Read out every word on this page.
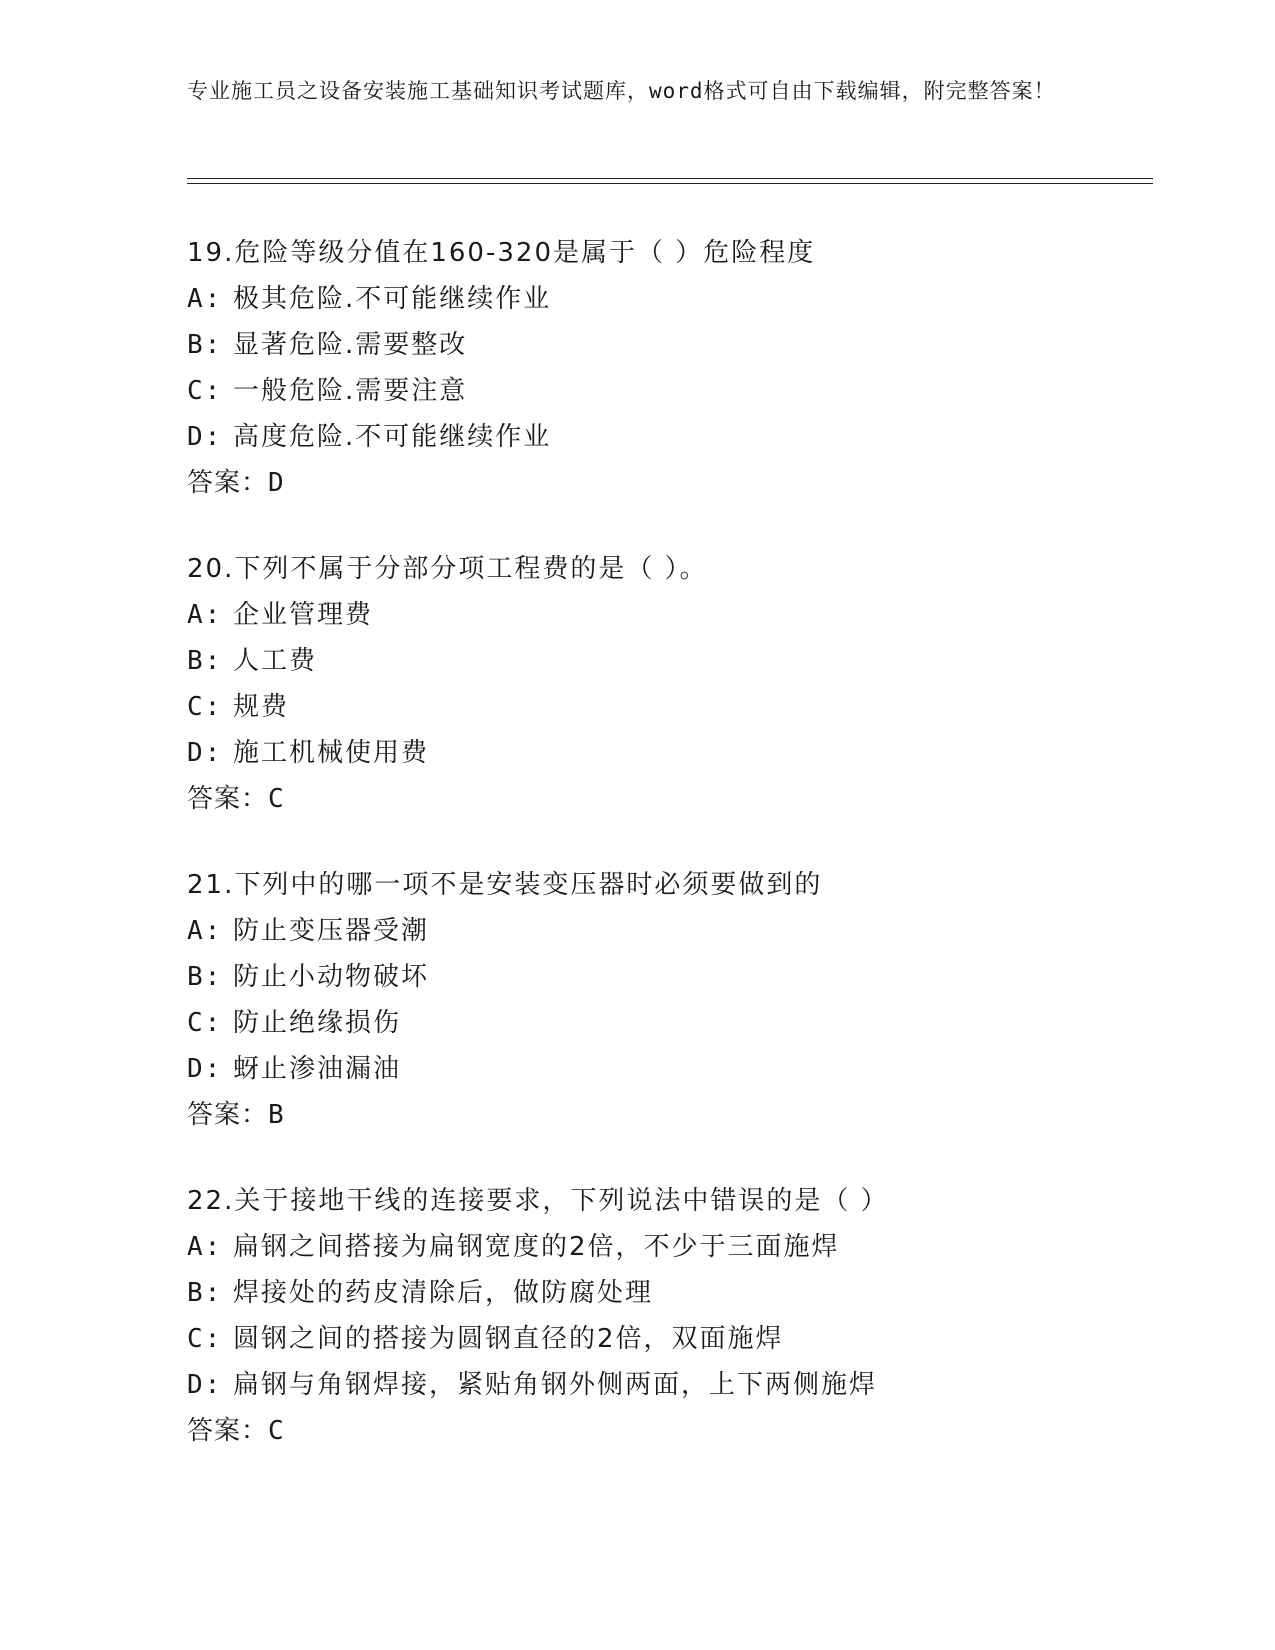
专业施工员之设备安装施工基础知识考试题库，word格式可自由下载编辑，附完整答案！
19.危险等级分值在160-320是属于（ ）危险程度
A: 极其危险.不可能继续作业
B: 显著危险.需要整改
C: 一般危险.需要注意
D: 高度危险.不可能继续作业
答案：D
20.下列不属于分部分项工程费的是（ ）。
A: 企业管理费
B: 人工费
C: 规费
D: 施工机械使用费
答案：C
21.下列中的哪一项不是安装变压器时必须要做到的
A: 防止变压器受潮
B: 防止小动物破坏
C: 防止绝缘损伤
D: 蚜止渗油漏油
答案：B
22.关于接地干线的连接要求，下列说法中错误的是（ ）
A: 扁钢之间搭接为扁钢宽度的2倍，不少于三面施焊
B: 焊接处的药皮清除后，做防腐处理
C: 圆钢之间的搭接为圆钢直径的2倍，双面施焊
D: 扁钢与角钢焊接，紧贴角钢外侧两面，上下两侧施焊
答案：C
